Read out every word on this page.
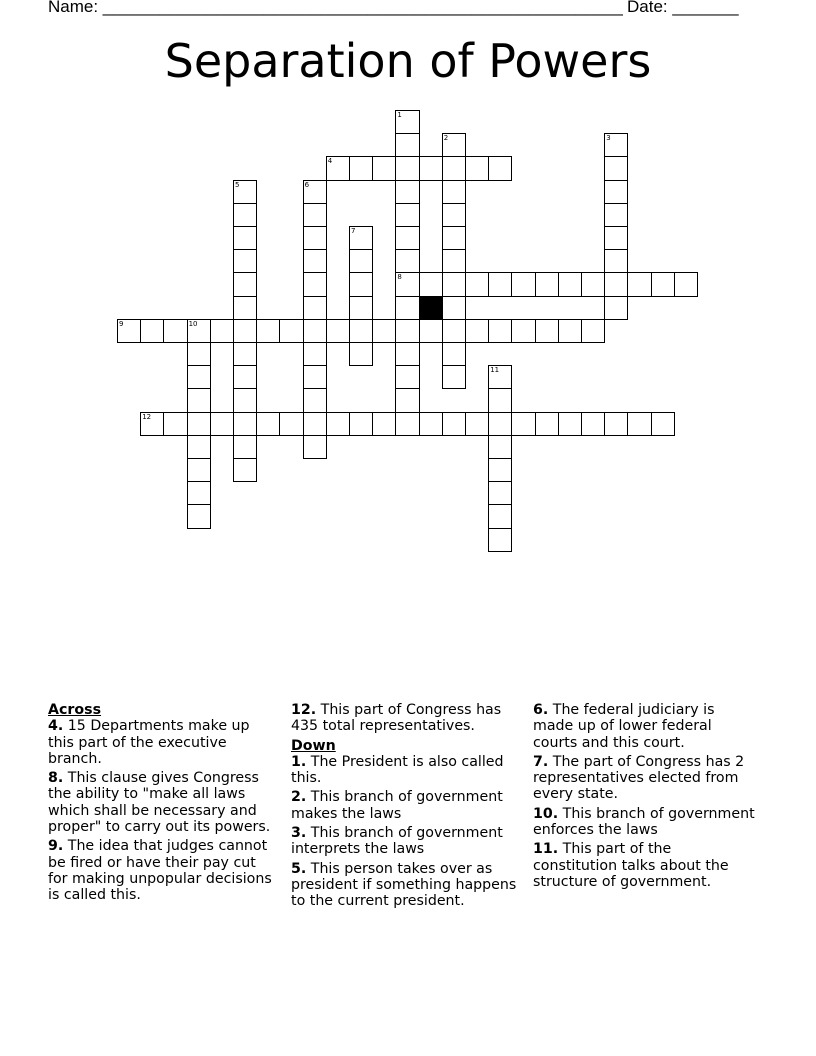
Name: _______________________________________________________ Date: _______
Separation of Powers
4
8
9	10
12
1
2	3
5	6
7
11
Across
4. 15 Departments make up this part of the executive branch.
8. This clause gives Congress the ability to "make all laws which shall be necessary and proper" to carry out its powers.
9. The idea that judges cannot be fired or have their pay cut for making unpopular decisions is called this.
12. This part of Congress has 435 total representatives.
Down
1. The President is also called this.
2. This branch of government makes the laws
3. This branch of government interprets the laws
5. This person takes over as president if something happens to the current president.
6. The federal judiciary is made up of lower federal courts and this court.
7. The part of Congress has 2 representatives elected from every state.
10. This branch of government enforces the laws
11. This part of the constitution talks about the structure of government.
